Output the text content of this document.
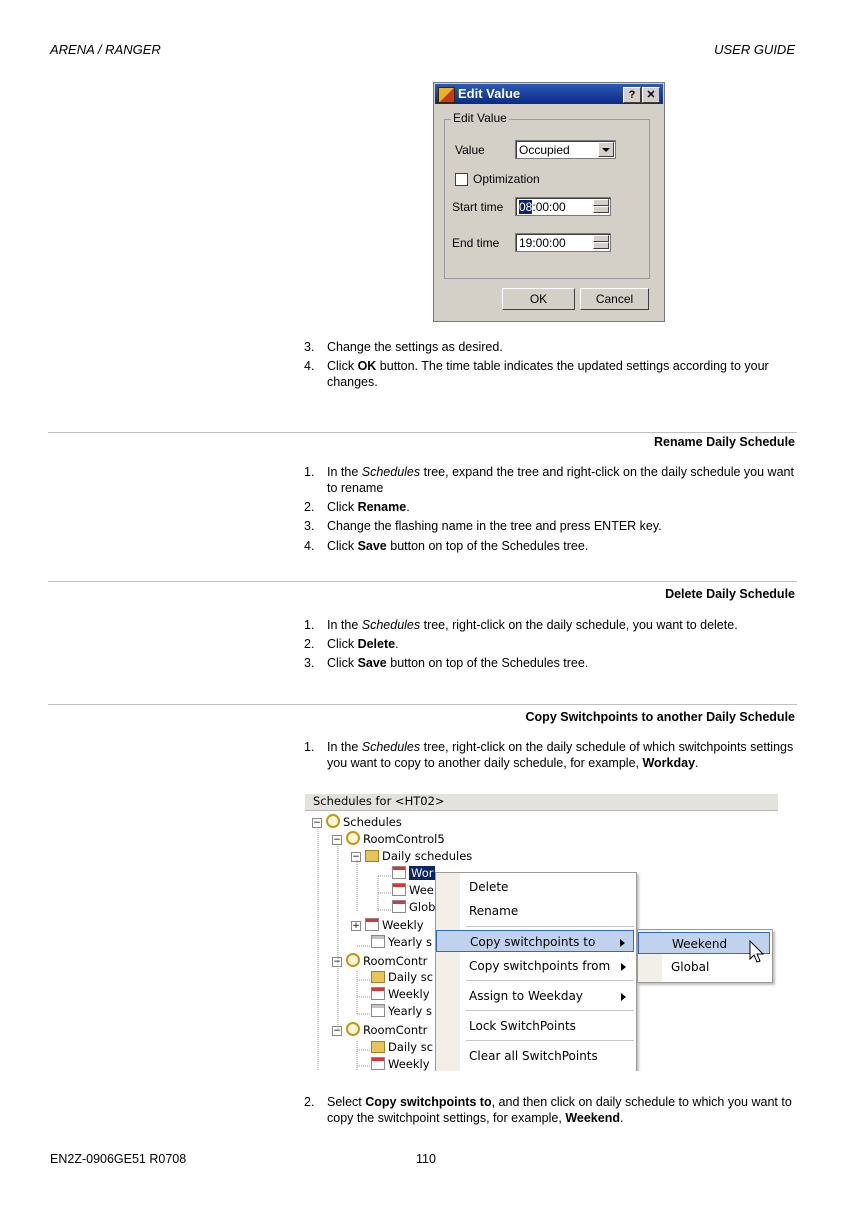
ARENA / RANGER	USER GUIDE
Edit Value	?	✕
Edit Value
Value	Occupied
Optimization
Start time	08:00:00
End time	19:00:00
OK	Cancel
3. Change the settings as desired.
4. Click OK button. The time table indicates the updated settings according to your changes.
Rename Daily Schedule
1. In the Schedules tree, expand the tree and right-click on the daily schedule you want to rename
2. Click Rename.
3. Change the flashing name in the tree and press ENTER key.
4. Click Save button on top of the Schedules tree.
Delete Daily Schedule
1. In the Schedules tree, right-click on the daily schedule, you want to delete.
2. Click Delete.
3. Click Save button on top of the Schedules tree.
Copy Switchpoints to another Daily Schedule
1. In the Schedules tree, right-click on the daily schedule of which switchpoints settings you want to copy to another daily schedule, for example, Workday.
Schedules for <HT02>
− Schedules
− RoomControl5
− Daily schedules
Wor
Wee
Glob
+ Weekly
Yearly s
− RoomContr
Daily sc
Weekly
Yearly s
− RoomContr
Daily sc
Weekly
Delete
Rename
Copy switchpoints to
Copy switchpoints from
Assign to Weekday
Lock SwitchPoints
Clear all SwitchPoints
Weekend
Global
2. Select Copy switchpoints to, and then click on daily schedule to which you want to copy the switchpoint settings, for example, Weekend.
EN2Z-0906GE51 R0708	110
